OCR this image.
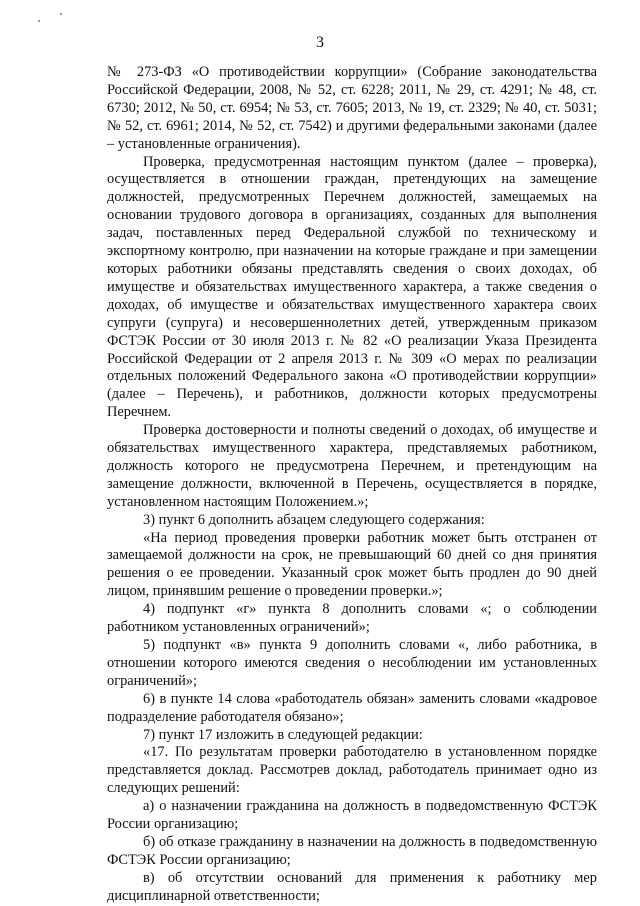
3

№ 273-ФЗ «О противодействии коррупции» (Собрание законодательства Российской Федерации, 2008, № 52, ст. 6228; 2011, № 29, ст. 4291; № 48, ст. 6730; 2012, № 50, ст. 6954; № 53, ст. 7605; 2013, № 19, ст. 2329; № 40, ст. 5031; № 52, ст. 6961; 2014, № 52, ст. 7542) и другими федеральными законами (далее – установленные ограничения).

Проверка, предусмотренная настоящим пунктом (далее – проверка), осуществляется в отношении граждан, претендующих на замещение должностей, предусмотренных Перечнем должностей, замещаемых на основании трудового договора в организациях, созданных для выполнения задач, поставленных перед Федеральной службой по техническому и экспортному контролю, при назначении на которые граждане и при замещении которых работники обязаны представлять сведения о своих доходах, об имуществе и обязательствах имущественного характера, а также сведения о доходах, об имуществе и обязательствах имущественного характера своих супруги (супруга) и несовершеннолетних детей, утвержденным приказом ФСТЭК России от 30 июля 2013 г. № 82 «О реализации Указа Президента Российской Федерации от 2 апреля 2013 г. № 309 «О мерах по реализации отдельных положений Федерального закона «О противодействии коррупции» (далее – Перечень), и работников, должности которых предусмотрены Перечнем.

Проверка достоверности и полноты сведений о доходах, об имуществе и обязательствах имущественного характера, представляемых работником, должность которого не предусмотрена Перечнем, и претендующим на замещение должности, включенной в Перечень, осуществляется в порядке, установленном настоящим Положением.»;

3) пункт 6 дополнить абзацем следующего содержания:

«На период проведения проверки работник может быть отстранен от замещаемой должности на срок, не превышающий 60 дней со дня принятия решения о ее проведении. Указанный срок может быть продлен до 90 дней лицом, принявшим решение о проведении проверки.»;

4) подпункт «г» пункта 8 дополнить словами «; о соблюдении работником установленных ограничений»;

5) подпункт «в» пункта 9 дополнить словами «, либо работника, в отношении которого имеются сведения о несоблюдении им установленных ограничений»;

6) в пункте 14 слова «работодатель обязан» заменить словами «кадровое подразделение работодателя обязано»;

7) пункт 17 изложить в следующей редакции:

«17. По результатам проверки работодателю в установленном порядке представляется доклад. Рассмотрев доклад, работодатель принимает одно из следующих решений:

а) о назначении гражданина на должность в подведомственную ФСТЭК России организацию;

б) об отказе гражданину в назначении на должность в подведомственную ФСТЭК России организацию;

в) об отсутствии оснований для применения к работнику мер дисциплинарной ответственности;
